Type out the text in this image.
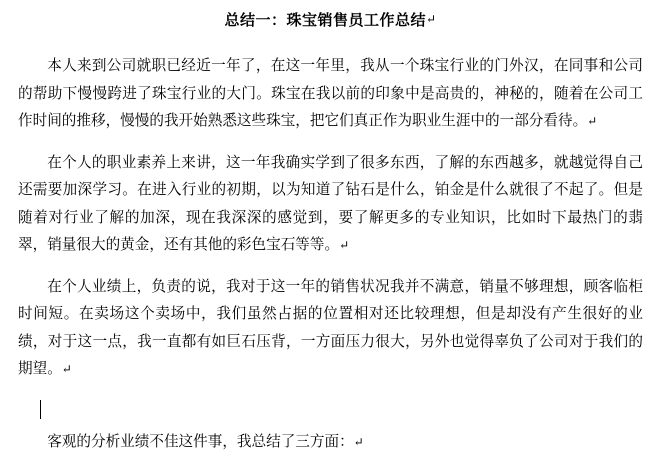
总结一：珠宝销售员工作总结↵

本人来到公司就职已经近一年了，在这一年里，我从一个珠宝行业的门外汉，在同事和公司的帮助下慢慢跨进了珠宝行业的大门。珠宝在我以前的印象中是高贵的，神秘的，随着在公司工作时间的推移，慢慢的我开始熟悉这些珠宝，把它们真正作为职业生涯中的一部分看待。↵

在个人的职业素养上来讲，这一年我确实学到了很多东西，了解的东西越多，就越觉得自己还需要加深学习。在进入行业的初期，以为知道了钻石是什么，铂金是什么就很了不起了。但是随着对行业了解的加深，现在我深深的感觉到，要了解更多的专业知识，比如时下最热门的翡翠，销量很大的黄金，还有其他的彩色宝石等等。↵

在个人业绩上，负责的说，我对于这一年的销售状况我并不满意，销量不够理想，顾客临柜时间短。在卖场这个卖场中，我们虽然占据的位置相对还比较理想，但是却没有产生很好的业绩，对于这一点，我一直都有如巨石压背，一方面压力很大，另外也觉得辜负了公司对于我们的期望。↵

客观的分析业绩不佳这件事，我总结了三方面：↵
